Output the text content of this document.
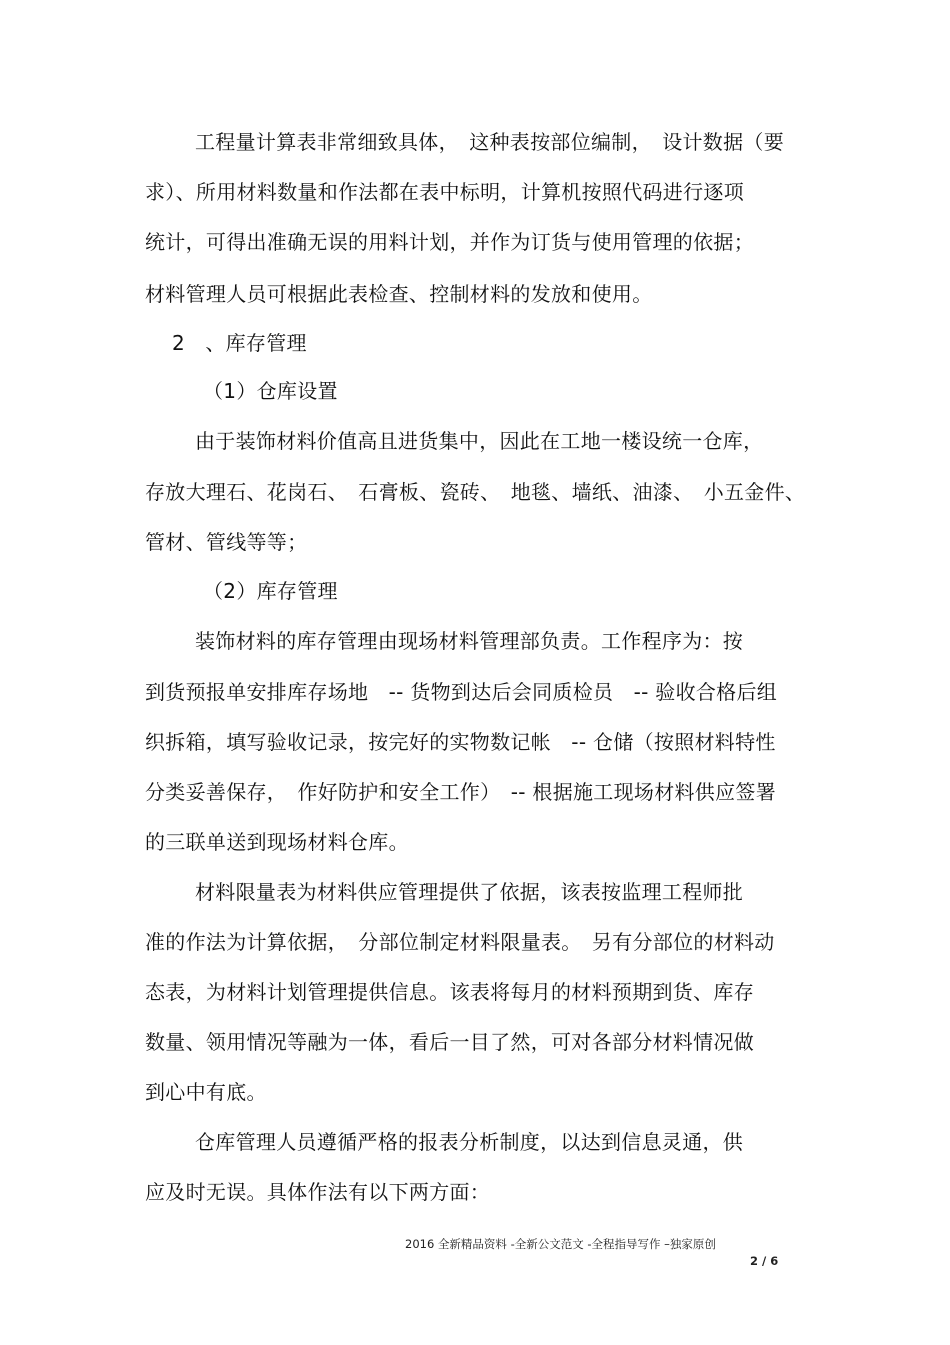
工程量计算表非常细致具体，　这种表按部位编制，　设计数据（要
求）、所用材料数量和作法都在表中标明，计算机按照代码进行逐项
统计，可得出准确无误的用料计划，并作为订货与使用管理的依据；
材料管理人员可根据此表检查、控制材料的发放和使用。
2　、库存管理
（1）仓库设置
由于装饰材料价值高且进货集中，因此在工地一楼设统一仓库，
存放大理石、花岗石、　石膏板、瓷砖、　地毯、墙纸、油漆、　小五金件、
管材、管线等等；
（2）库存管理
装饰材料的库存管理由现场材料管理部负责。工作程序为：按
到货预报单安排库存场地　-- 货物到达后会同质检员　-- 验收合格后组
织拆箱，填写验收记录，按完好的实物数记帐　-- 仓储（按照材料特性
分类妥善保存，　作好防护和安全工作）　-- 根据施工现场材料供应签署
的三联单送到现场材料仓库。
材料限量表为材料供应管理提供了依据，该表按监理工程师批
准的作法为计算依据，　分部位制定材料限量表。　另有分部位的材料动
态表，为材料计划管理提供信息。该表将每月的材料预期到货、库存
数量、领用情况等融为一体，看后一目了然，可对各部分材料情况做
到心中有底。
仓库管理人员遵循严格的报表分析制度，以达到信息灵通，供
应及时无误。具体作法有以下两方面：
2016 全新精品资料 -全新公文范文 -全程指导写作 –独家原创
2 / 6
